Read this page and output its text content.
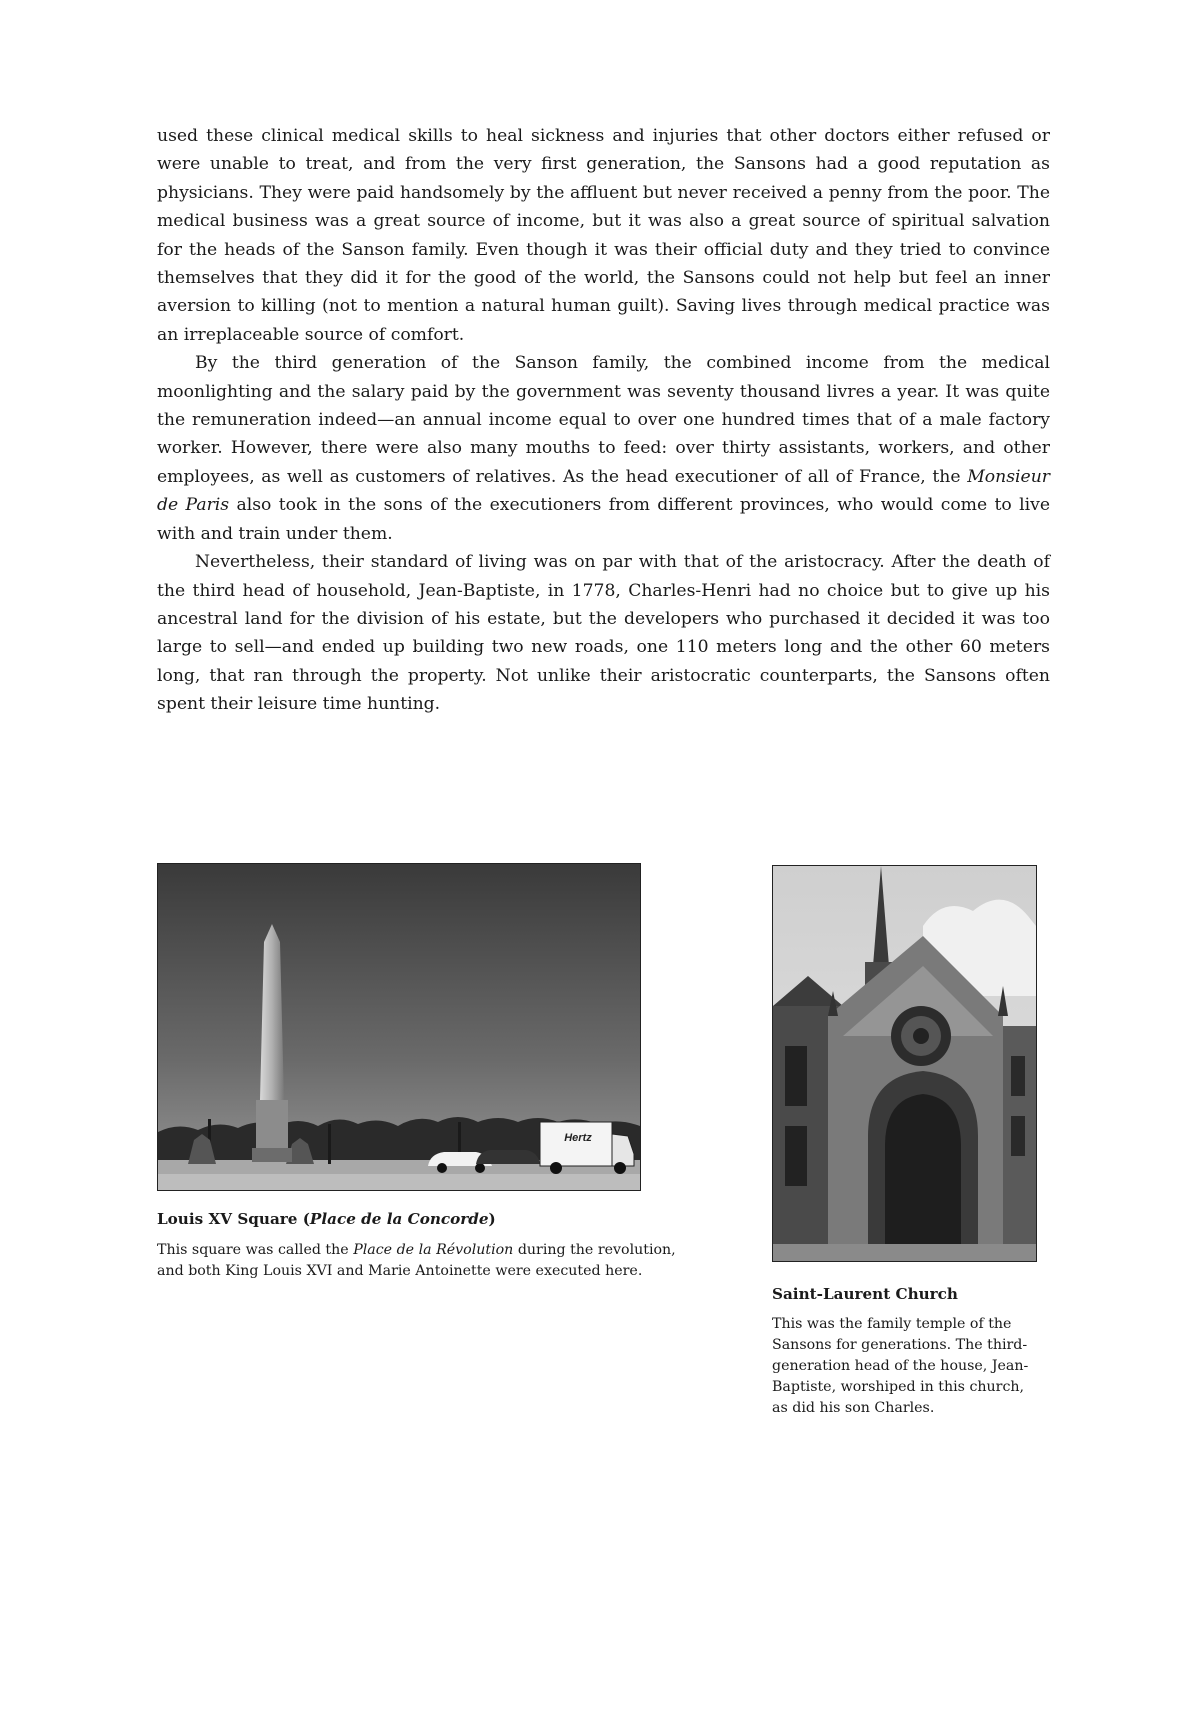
used these clinical medical skills to heal sickness and injuries that other doctors either refused or were unable to treat, and from the very first generation, the Sansons had a good reputation as physicians. They were paid handsomely by the affluent but never received a penny from the poor. The medical business was a great source of income, but it was also a great source of spiritual salvation for the heads of the Sanson family. Even though it was their official duty and they tried to convince themselves that they did it for the good of the world, the Sansons could not help but feel an inner aversion to killing (not to mention a natural human guilt). Saving lives through medical practice was an irreplaceable source of comfort.

By the third generation of the Sanson family, the combined income from the medical moonlighting and the salary paid by the government was seventy thousand livres a year. It was quite the remuneration indeed—an annual income equal to over one hundred times that of a male factory worker. However, there were also many mouths to feed: over thirty assistants, workers, and other employees, as well as customers of relatives. As the head executioner of all of France, the Monsieur de Paris also took in the sons of the executioners from different provinces, who would come to live with and train under them.

Nevertheless, their standard of living was on par with that of the aristocracy. After the death of the third head of household, Jean-Baptiste, in 1778, Charles-Henri had no choice but to give up his ancestral land for the division of his estate, but the developers who purchased it decided it was too large to sell—and ended up building two new roads, one 110 meters long and the other 60 meters long, that ran through the property. Not unlike their aristocratic counterparts, the Sansons often spent their leisure time hunting.

Hertz
Louis XV Square (Place de la Concorde)

This square was called the Place de la Révolution during the revolution, and both King Louis XVI and Marie Antoinette were executed here.

Saint-Laurent Church

This was the family temple of the Sansons for generations. The third-generation head of the house, Jean-Baptiste, worshiped in this church, as did his son Charles.
